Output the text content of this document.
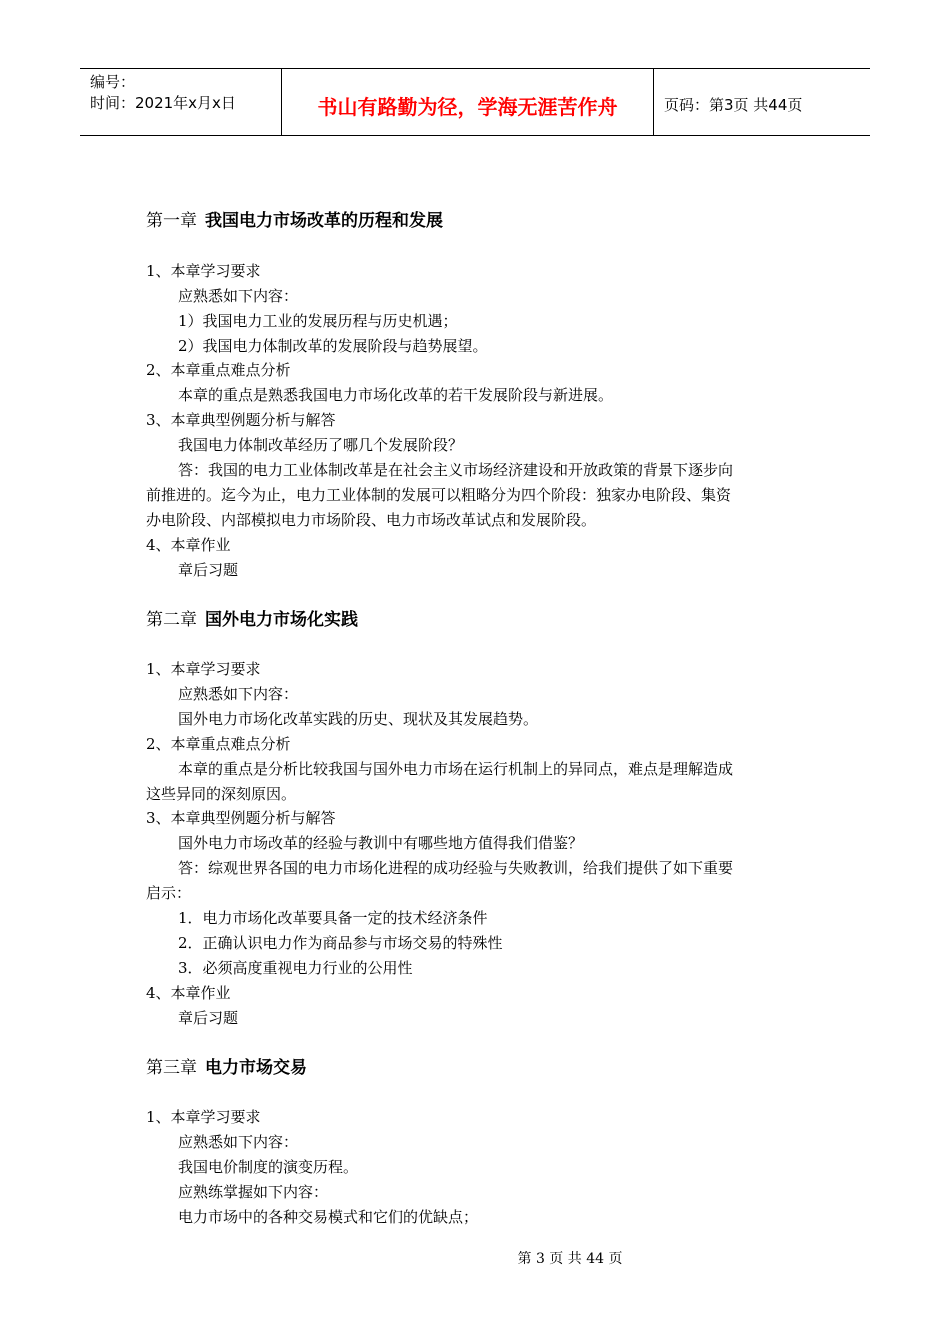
编号：
时间：2021年x月x日	书山有路勤为径，学海无涯苦作舟	页码：第3页 共44页
第一章 我国电力市场改革的历程和发展
1、本章学习要求
应熟悉如下内容：
1）我国电力工业的发展历程与历史机遇；
2）我国电力体制改革的发展阶段与趋势展望。
2、本章重点难点分析
本章的重点是熟悉我国电力市场化改革的若干发展阶段与新进展。
3、本章典型例题分析与解答
我国电力体制改革经历了哪几个发展阶段？
答：我国的电力工业体制改革是在社会主义市场经济建设和开放政策的背景下逐步向
前推进的。迄今为止，电力工业体制的发展可以粗略分为四个阶段：独家办电阶段、集资
办电阶段、内部模拟电力市场阶段、电力市场改革试点和发展阶段。
4、本章作业
章后习题
第二章 国外电力市场化实践
1、本章学习要求
应熟悉如下内容：
国外电力市场化改革实践的历史、现状及其发展趋势。
2、本章重点难点分析
本章的重点是分析比较我国与国外电力市场在运行机制上的异同点，难点是理解造成
这些异同的深刻原因。
3、本章典型例题分析与解答
国外电力市场改革的经验与教训中有哪些地方值得我们借鉴？
答：综观世界各国的电力市场化进程的成功经验与失败教训，给我们提供了如下重要
启示：
1．电力市场化改革要具备一定的技术经济条件
2．正确认识电力作为商品参与市场交易的特殊性
3．必须高度重视电力行业的公用性
4、本章作业
章后习题
第三章 电力市场交易
1、本章学习要求
应熟悉如下内容：
我国电价制度的演变历程。
应熟练掌握如下内容：
电力市场中的各种交易模式和它们的优缺点；
第 3 页 共 44 页
